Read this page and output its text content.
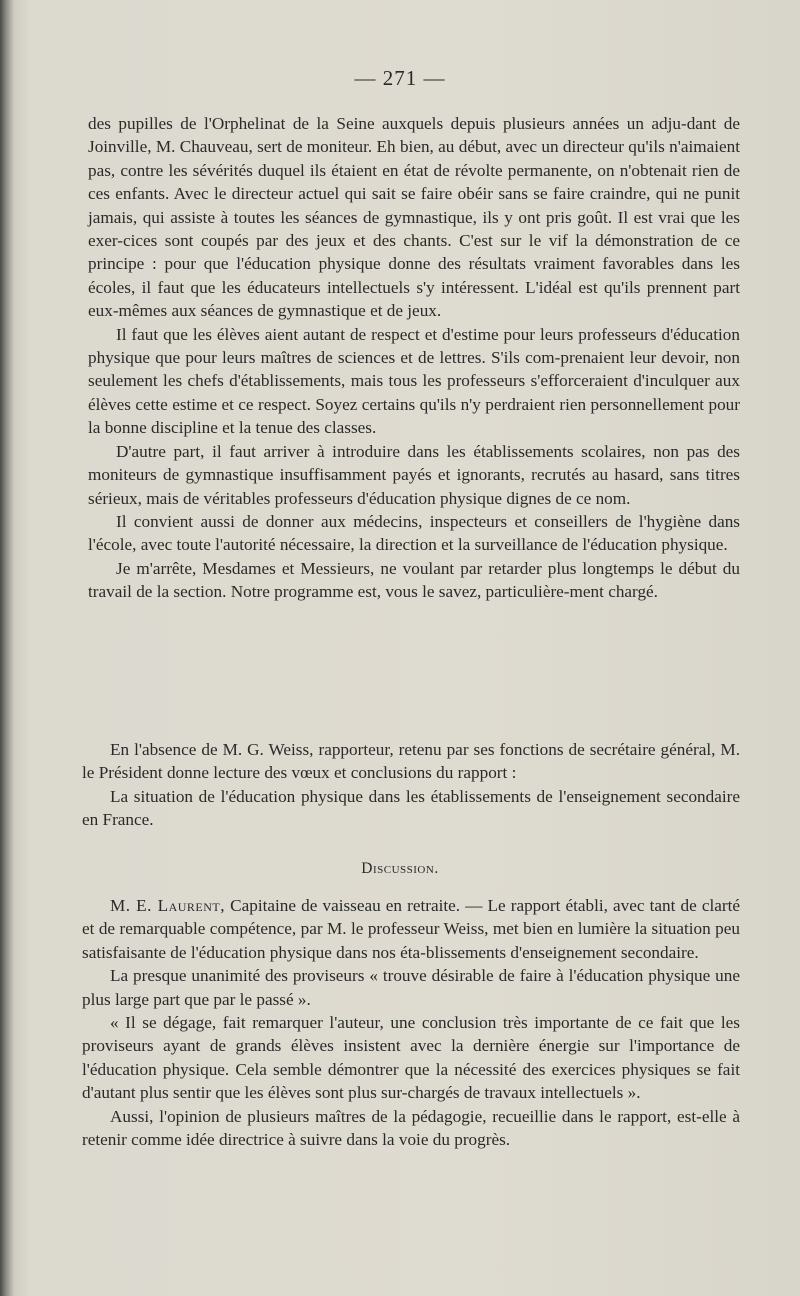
— 271 —

des pupilles de l'Orphelinat de la Seine auxquels depuis plusieurs années un adju-dant de Joinville, M. Chauveau, sert de moniteur. Eh bien, au début, avec un directeur qu'ils n'aimaient pas, contre les sévérités duquel ils étaient en état de révolte permanente, on n'obtenait rien de ces enfants. Avec le directeur actuel qui sait se faire obéir sans se faire craindre, qui ne punit jamais, qui assiste à toutes les séances de gymnastique, ils y ont pris goût. Il est vrai que les exer-cices sont coupés par des jeux et des chants. C'est sur le vif la démonstration de ce principe : pour que l'éducation physique donne des résultats vraiment favorables dans les écoles, il faut que les éducateurs intellectuels s'y intéressent. L'idéal est qu'ils prennent part eux-mêmes aux séances de gymnastique et de jeux.

Il faut que les élèves aient autant de respect et d'estime pour leurs professeurs d'éducation physique que pour leurs maîtres de sciences et de lettres. S'ils com-prenaient leur devoir, non seulement les chefs d'établissements, mais tous les professeurs s'efforceraient d'inculquer aux élèves cette estime et ce respect. Soyez certains qu'ils n'y perdraient rien personnellement pour la bonne discipline et la tenue des classes.

D'autre part, il faut arriver à introduire dans les établissements scolaires, non pas des moniteurs de gymnastique insuffisamment payés et ignorants, recrutés au hasard, sans titres sérieux, mais de véritables professeurs d'éducation physique dignes de ce nom.

Il convient aussi de donner aux médecins, inspecteurs et conseillers de l'hygiène dans l'école, avec toute l'autorité nécessaire, la direction et la surveillance de l'éducation physique.

Je m'arrête, Mesdames et Messieurs, ne voulant par retarder plus longtemps le début du travail de la section. Notre programme est, vous le savez, particulière-ment chargé.

En l'absence de M. G. Weiss, rapporteur, retenu par ses fonctions de secrétaire général, M. le Président donne lecture des vœux et conclusions du rapport :

La situation de l'éducation physique dans les établissements de l'enseignement secondaire en France.

Discussion.

M. E. Laurent, Capitaine de vaisseau en retraite. — Le rapport établi, avec tant de clarté et de remarquable compétence, par M. le professeur Weiss, met bien en lumière la situation peu satisfaisante de l'éducation physique dans nos éta-blissements d'enseignement secondaire.

La presque unanimité des proviseurs « trouve désirable de faire à l'éducation physique une plus large part que par le passé ».

« Il se dégage, fait remarquer l'auteur, une conclusion très importante de ce fait que les proviseurs ayant de grands élèves insistent avec la dernière énergie sur l'importance de l'éducation physique. Cela semble démontrer que la nécessité des exercices physiques se fait d'autant plus sentir que les élèves sont plus sur-chargés de travaux intellectuels ».

Aussi, l'opinion de plusieurs maîtres de la pédagogie, recueillie dans le rapport, est-elle à retenir comme idée directrice à suivre dans la voie du progrès.
